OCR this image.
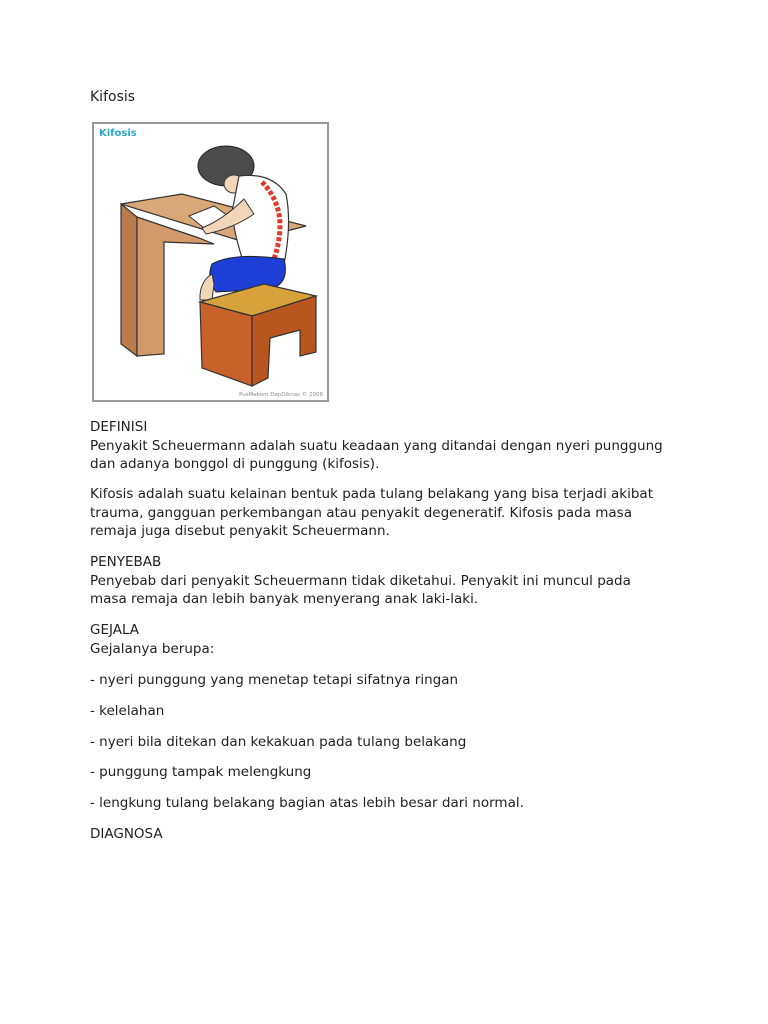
Kifosis
Kifosis
PusMekom DepDiknas © 2008

DEFINISI

Penyakit Scheuermann adalah suatu keadaan yang ditandai dengan nyeri punggung

dan adanya bonggol di punggung (kifosis).

Kifosis adalah suatu kelainan bentuk pada tulang belakang yang bisa terjadi akibat

trauma, gangguan perkembangan atau penyakit degeneratif. Kifosis pada masa

remaja juga disebut penyakit Scheuermann.

PENYEBAB

Penyebab dari penyakit Scheuermann tidak diketahui. Penyakit ini muncul pada

masa remaja dan lebih banyak menyerang anak laki-laki.

GEJALA

Gejalanya berupa:

- nyeri punggung yang menetap tetapi sifatnya ringan
- kelelahan
- nyeri bila ditekan dan kekakuan pada tulang belakang
- punggung tampak melengkung
- lengkung tulang belakang bagian atas lebih besar dari normal.
DIAGNOSA
